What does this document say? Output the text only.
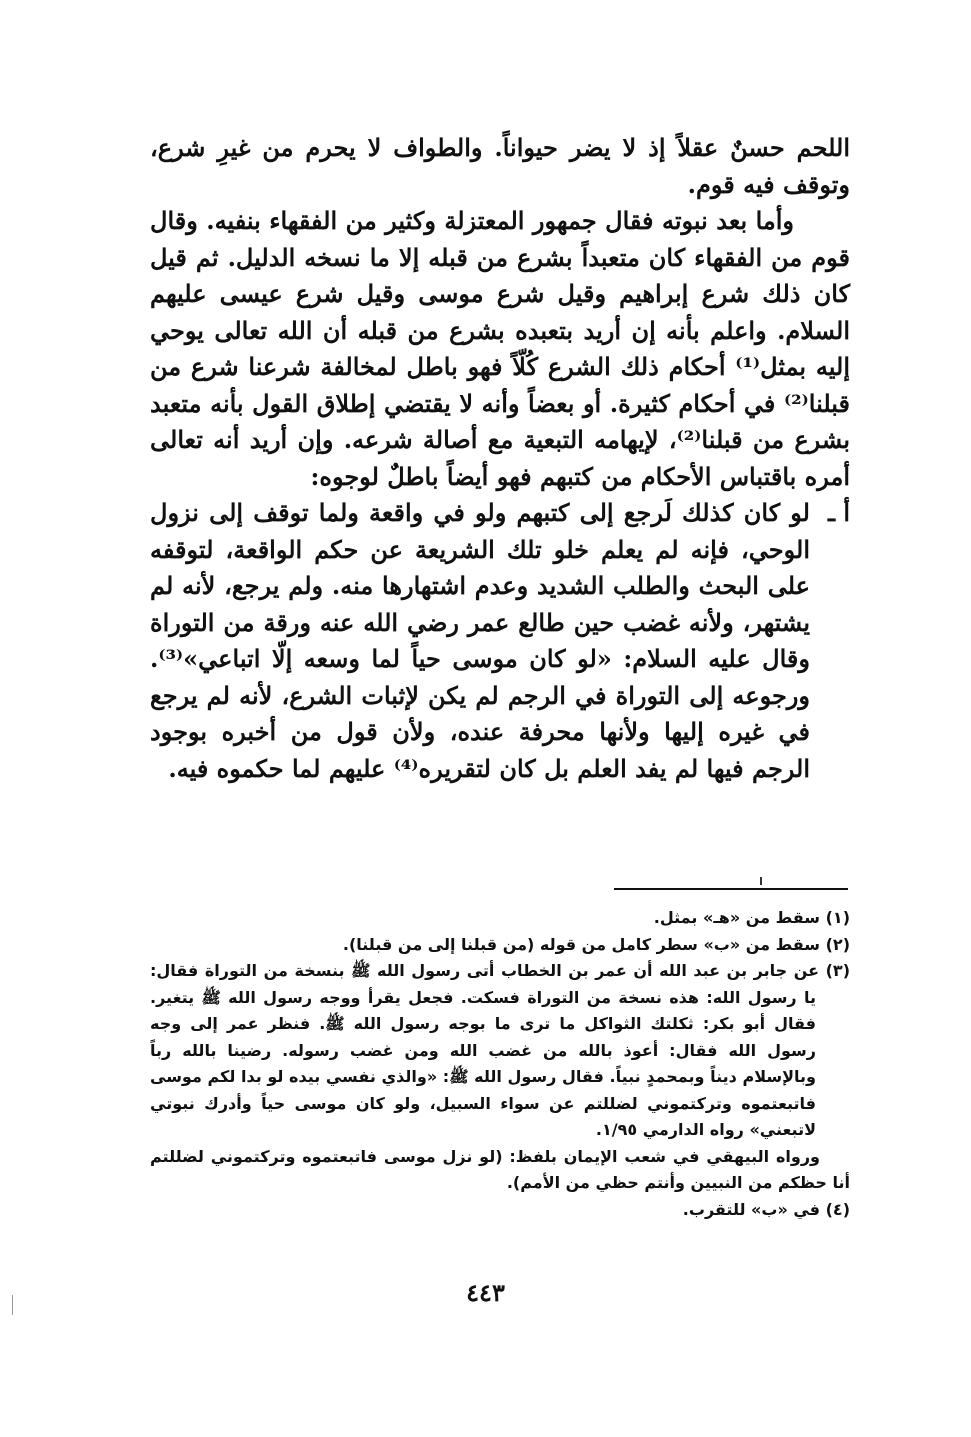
اللحم حسنٌ عقلاً إذ لا يضر حيواناً. والطواف لا يحرم من غيرِ شرع، وتوقف فيه قوم.

وأما بعد نبوته فقال جمهور المعتزلة وكثير من الفقهاء بنفيه. وقال قوم من الفقهاء كان متعبداً بشرع من قبله إلا ما نسخه الدليل. ثم قيل كان ذلك شرع إبراهيم وقيل شرع موسى وقيل شرع عيسى عليهم السلام. واعلم بأنه إن أريد بتعبده بشرع من قبله أن الله تعالى يوحي إليه بمثل⁽¹⁾ أحكام ذلك الشرع كُلّاً فهو باطل لمخالفة شرعنا شرع من قبلنا⁽²⁾ في أحكام كثيرة. أو بعضاً وأنه لا يقتضي إطلاق القول بأنه متعبد بشرع من قبلنا⁽²⁾، لإيهامه التبعية مع أصالة شرعه. وإن أريد أنه تعالى أمره باقتباس الأحكام من كتبهم فهو أيضاً باطلٌ لوجوه:

أ ـ

لو كان كذلك لَرجع إلى كتبهم ولو في واقعة ولما توقف إلى نزول الوحي، فإنه لم يعلم خلو تلك الشريعة عن حكم الواقعة، لتوقفه على البحث والطلب الشديد وعدم اشتهارها منه. ولم يرجع، لأنه لم يشتهر، ولأنه غضب حين طالع عمر رضي الله عنه ورقة من التوراة وقال عليه السلام: «لو كان موسى حياً لما وسعه إلّا اتباعي»⁽³⁾. ورجوعه إلى التوراة في الرجم لم يكن لإثبات الشرع، لأنه لم يرجع في غيره إليها ولأنها محرفة عنده، ولأن قول من أخبره بوجود الرجم فيها لم يفد العلم بل كان لتقريره⁽⁴⁾ عليهم لما حكموه فيه.

(١) سقط من «هـ» بمثل.

(٢) سقط من «ب» سطر كامل من قوله (من قبلنا إلى من قبلنا).

(٣) عن جابر بن عبد الله أن عمر بن الخطاب أتى رسول الله ﷺ بنسخة من التوراة فقال: يا رسول الله: هذه نسخة من التوراة فسكت. فجعل يقرأ ووجه رسول الله ﷺ يتغير. فقال أبو بكر: ثكلتك الثواكل ما ترى ما بوجه رسول الله ﷺ. فنظر عمر إلى وجه رسول الله فقال: أعوذ بالله من غضب الله ومن غضب رسوله. رضينا بالله رباً وبالإسلام ديناً وبمحمدٍ نبياً. فقال رسول الله ﷺ: «والذي نفسي بيده لو بدا لكم موسى فاتبعتموه وتركتموني لضللتم عن سواء السبيل، ولو كان موسى حياً وأدرك نبوتي لاتبعني» رواه الدارمي ١/٩٥.

ورواه البيهقي في شعب الإيمان بلفظ: (لو نزل موسى فاتبعتموه وتركتموني لضللتم أنا حظكم من النبيين وأنتم حظي من الأمم).

(٤) في «ب» للتقرب.

٤٤٣
